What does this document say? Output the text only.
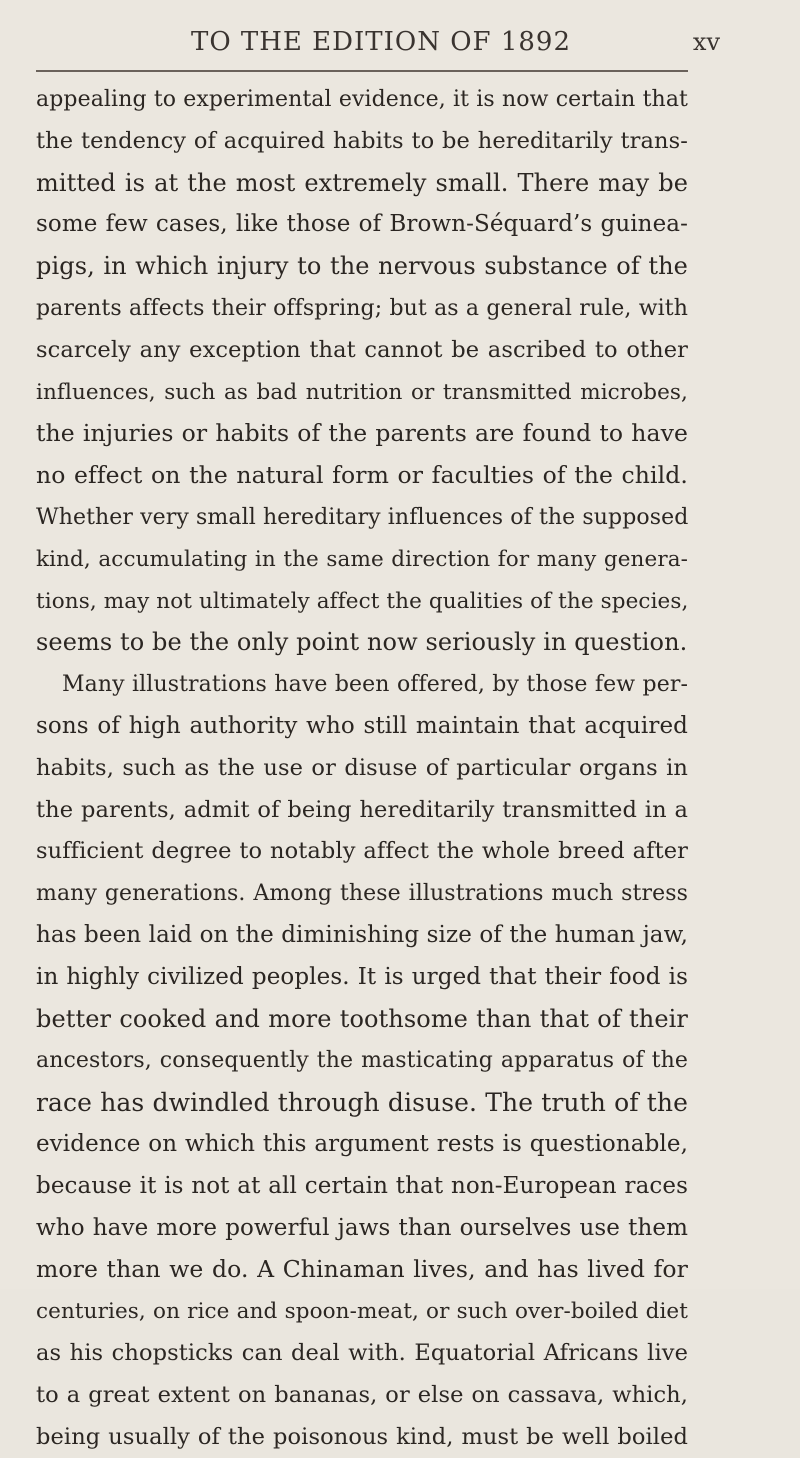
TO THE EDITION OF 1892	xv
appealing to experimental evidence, it is now certain that
the tendency of acquired habits to be hereditarily trans-
mitted is at the most extremely small. There may be
some few cases, like those of Brown-Séquard’s guinea-
pigs, in which injury to the nervous substance of the
parents affects their offspring; but as a general rule, with
scarcely any exception that cannot be ascribed to other
influences, such as bad nutrition or transmitted microbes,
the injuries or habits of the parents are found to have
no effect on the natural form or faculties of the child.
Whether very small hereditary influences of the supposed
kind, accumulating in the same direction for many genera-
tions, may not ultimately affect the qualities of the species,
seems to be the only point now seriously in question.
Many illustrations have been offered, by those few per-
sons of high authority who still maintain that acquired
habits, such as the use or disuse of particular organs in
the parents, admit of being hereditarily transmitted in a
sufficient degree to notably affect the whole breed after
many generations. Among these illustrations much stress
has been laid on the diminishing size of the human jaw,
in highly civilized peoples. It is urged that their food is
better cooked and more toothsome than that of their
ancestors, consequently the masticating apparatus of the
race has dwindled through disuse. The truth of the
evidence on which this argument rests is questionable,
because it is not at all certain that non-European races
who have more powerful jaws than ourselves use them
more than we do. A Chinaman lives, and has lived for
centuries, on rice and spoon-meat, or such over-boiled diet
as his chopsticks can deal with. Equatorial Africans live
to a great extent on bananas, or else on cassava, which,
being usually of the poisonous kind, must be well boiled
